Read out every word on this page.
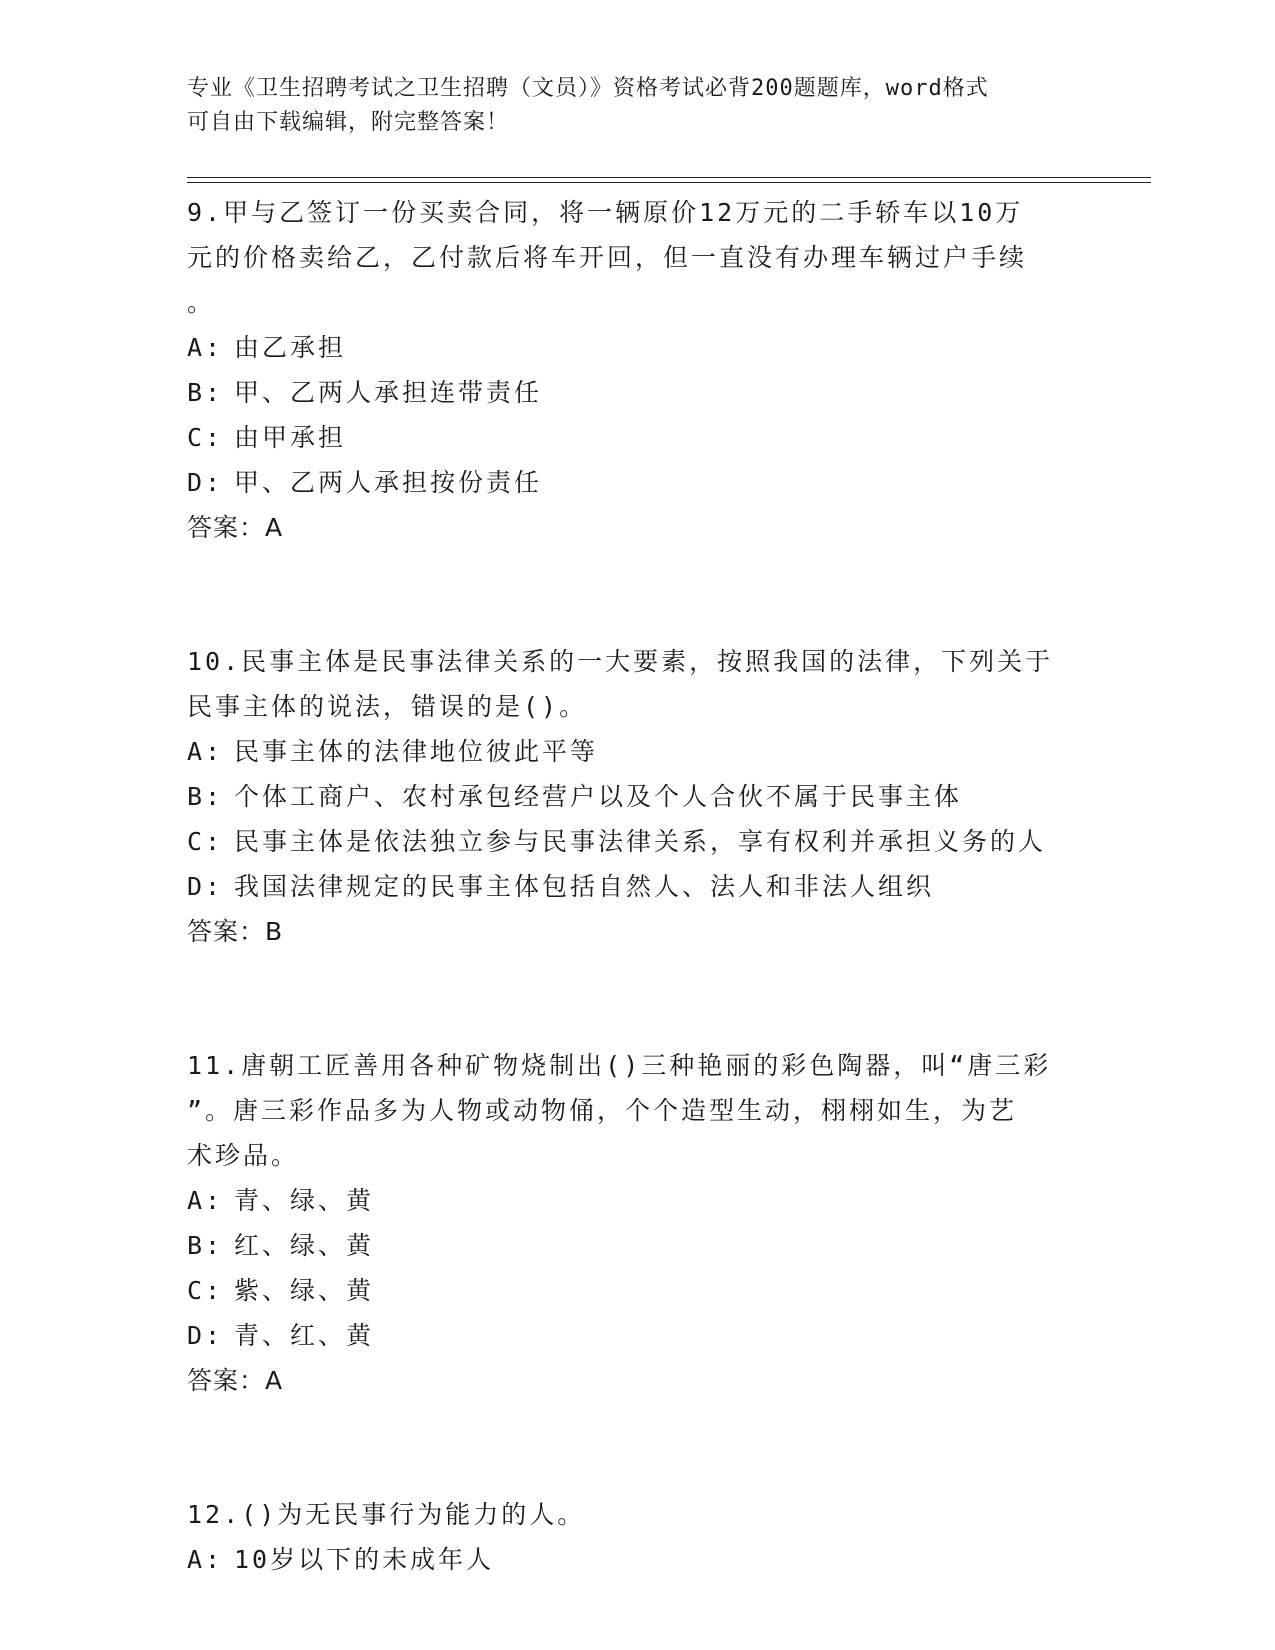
专业《卫生招聘考试之卫生招聘（文员）》资格考试必背200题题库，word格式
可自由下载编辑，附完整答案！
9.甲与乙签订一份买卖合同，将一辆原价12万元的二手轿车以10万
元的价格卖给乙，乙付款后将车开回，但一直没有办理车辆过户手续
。
A: 由乙承担
B: 甲、乙两人承担连带责任
C: 由甲承担
D: 甲、乙两人承担按份责任
答案：A
10.民事主体是民事法律关系的一大要素，按照我国的法律，下列关于
民事主体的说法，错误的是()。
A: 民事主体的法律地位彼此平等
B: 个体工商户、农村承包经营户以及个人合伙不属于民事主体
C: 民事主体是依法独立参与民事法律关系，享有权利并承担义务的人
D: 我国法律规定的民事主体包括自然人、法人和非法人组织
答案：B
11.唐朝工匠善用各种矿物烧制出()三种艳丽的彩色陶器，叫“唐三彩
”。唐三彩作品多为人物或动物俑，个个造型生动，栩栩如生，为艺
术珍品。
A: 青、绿、黄
B: 红、绿、黄
C: 紫、绿、黄
D: 青、红、黄
答案：A
12.()为无民事行为能力的人。
A: 10岁以下的未成年人
